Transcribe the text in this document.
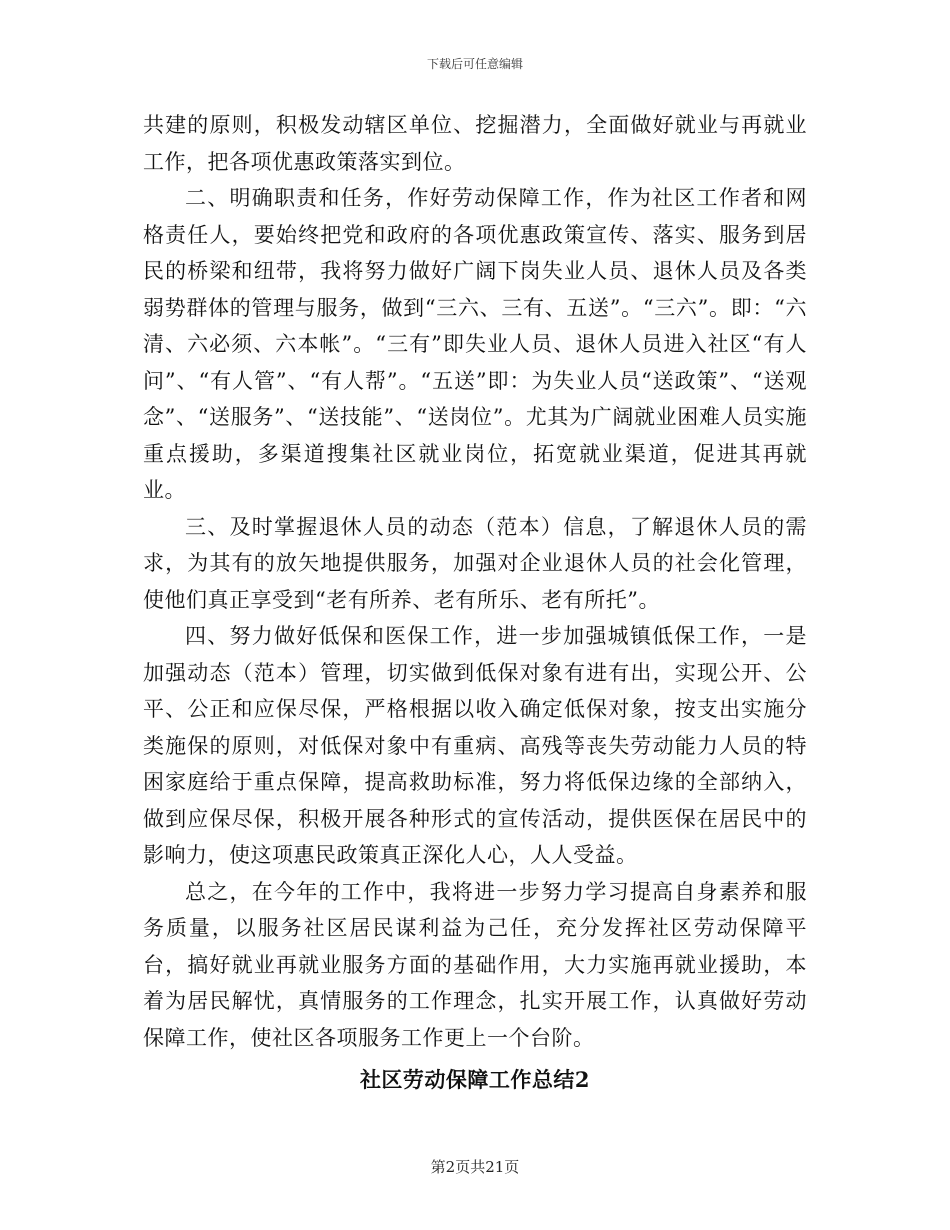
下载后可任意编辑

共建的原则，积极发动辖区单位、挖掘潜力，全面做好就业与再就业工作，把各项优惠政策落实到位。

二、明确职责和任务，作好劳动保障工作，作为社区工作者和网格责任人，要始终把党和政府的各项优惠政策宣传、落实、服务到居民的桥梁和纽带，我将努力做好广阔下岗失业人员、退休人员及各类弱势群体的管理与服务，做到“三六、三有、五送”。“三六”。即：“六清、六必须、六本帐”。“三有”即失业人员、退休人员进入社区“有人问”、“有人管”、“有人帮”。“五送”即：为失业人员“送政策”、“送观念”、“送服务”、“送技能”、“送岗位”。尤其为广阔就业困难人员实施重点援助，多渠道搜集社区就业岗位，拓宽就业渠道，促进其再就业。

三、及时掌握退休人员的动态（范本）信息，了解退休人员的需求，为其有的放矢地提供服务，加强对企业退休人员的社会化管理，使他们真正享受到“老有所养、老有所乐、老有所托”。

四、努力做好低保和医保工作，进一步加强城镇低保工作，一是加强动态（范本）管理，切实做到低保对象有进有出，实现公开、公平、公正和应保尽保，严格根据以收入确定低保对象，按支出实施分类施保的原则，对低保对象中有重病、高残等丧失劳动能力人员的特困家庭给于重点保障，提高救助标准，努力将低保边缘的全部纳入，做到应保尽保，积极开展各种形式的宣传活动，提供医保在居民中的影响力，使这项惠民政策真正深化人心，人人受益。

总之，在今年的工作中，我将进一步努力学习提高自身素养和服务质量，以服务社区居民谋利益为己任，充分发挥社区劳动保障平台，搞好就业再就业服务方面的基础作用，大力实施再就业援助，本着为居民解忧，真情服务的工作理念，扎实开展工作，认真做好劳动保障工作，使社区各项服务工作更上一个台阶。

社区劳动保障工作总结2
第2页共21页
